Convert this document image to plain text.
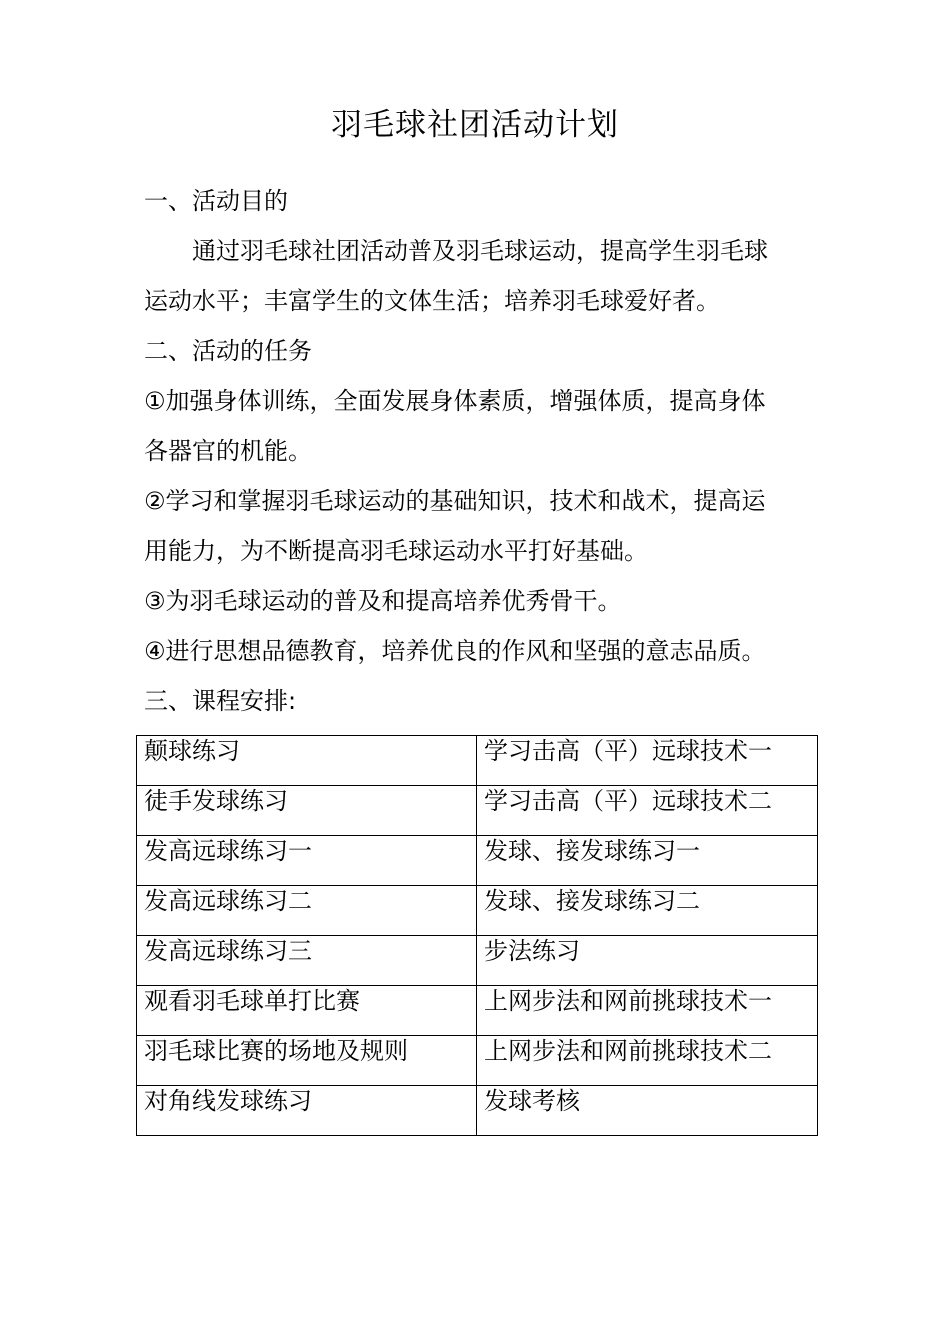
羽毛球社团活动计划

一、活动目的

通过羽毛球社团活动普及羽毛球运动，提高学生羽毛球

运动水平；丰富学生的文体生活；培养羽毛球爱好者。

二、活动的任务

①加强身体训练，全面发展身体素质，增强体质，提高身体

各器官的机能。

②学习和掌握羽毛球运动的基础知识，技术和战术，提高运

用能力，为不断提高羽毛球运动水平打好基础。

③为羽毛球运动的普及和提高培养优秀骨干。

④进行思想品德教育，培养优良的作风和坚强的意志品质。

三、课程安排:

颠球练习	学习击高（平）远球技术一
徒手发球练习	学习击高（平）远球技术二
发高远球练习一	发球、接发球练习一
发高远球练习二	发球、接发球练习二
发高远球练习三	步法练习
观看羽毛球单打比赛	上网步法和网前挑球技术一
羽毛球比赛的场地及规则	上网步法和网前挑球技术二
对角线发球练习	发球考核
